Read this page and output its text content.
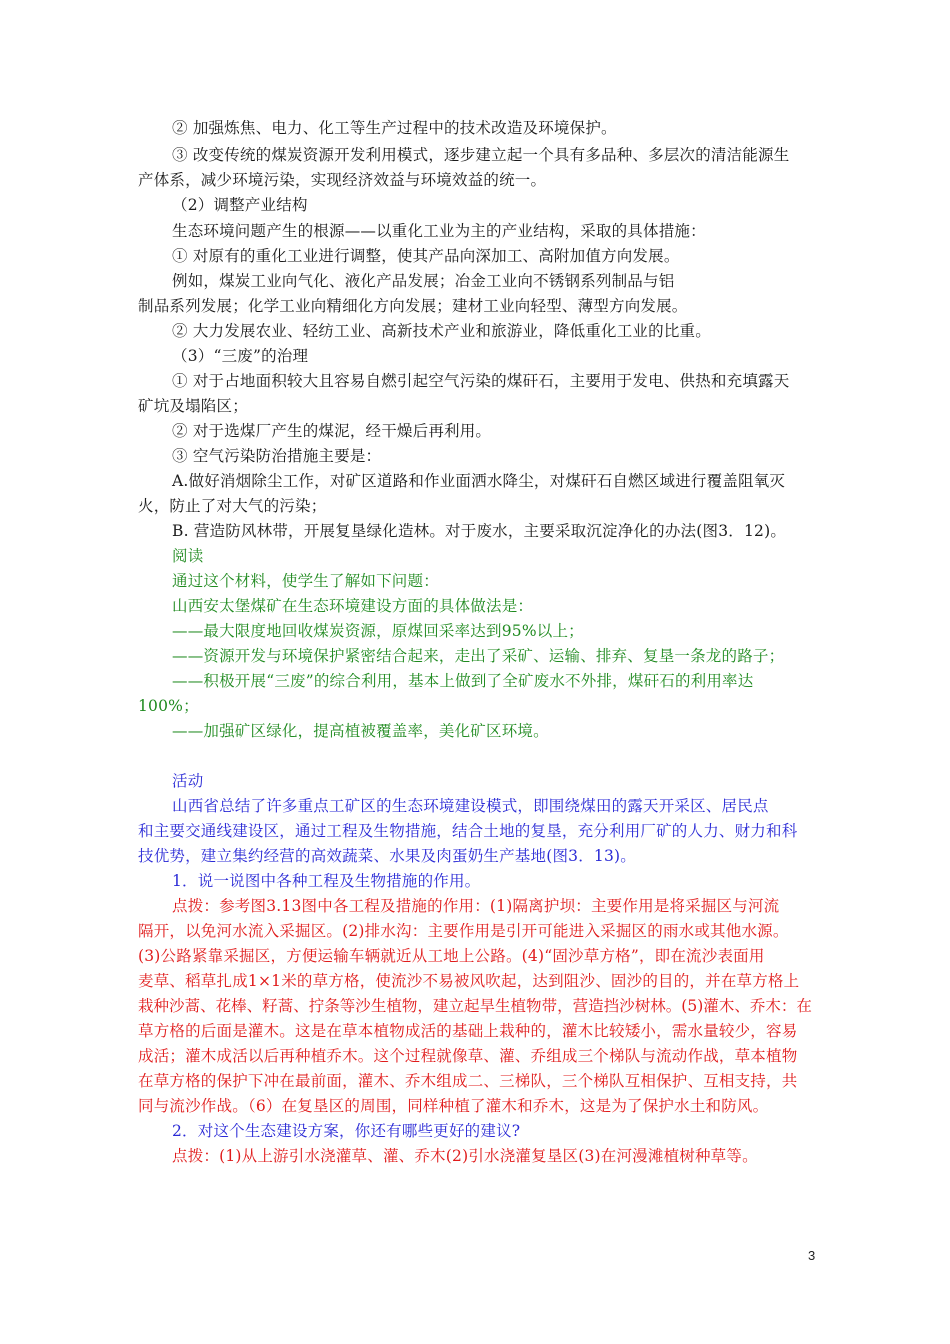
② 加强炼焦、电力、化工等生产过程中的技术改造及环境保护。
③ 改变传统的煤炭资源开发利用模式，逐步建立起一个具有多品种、多层次的清洁能源生
产体系，减少环境污染，实现经济效益与环境效益的统一。
（2）调整产业结构
生态环境问题产生的根源——以重化工业为主的产业结构，采取的具体措施：
① 对原有的重化工业进行调整，使其产品向深加工、高附加值方向发展。
例如，煤炭工业向气化、液化产品发展；冶金工业向不锈钢系列制品与铝
制品系列发展；化学工业向精细化方向发展；建材工业向轻型、薄型方向发展。
② 大力发展农业、轻纺工业、高新技术产业和旅游业，降低重化工业的比重。
（3）“三废”的治理
① 对于占地面积较大且容易自燃引起空气污染的煤矸石，主要用于发电、供热和充填露天
矿坑及塌陷区；
② 对于选煤厂产生的煤泥，经干燥后再利用。
③ 空气污染防治措施主要是：
A.做好消烟除尘工作，对矿区道路和作业面洒水降尘，对煤矸石自燃区域进行覆盖阻氧灭
火，防止了对大气的污染；
B. 营造防风林带，开展复垦绿化造林。对于废水，主要采取沉淀净化的办法(图3．12)。
阅读
通过这个材料，使学生了解如下问题：
山西安太堡煤矿在生态环境建设方面的具体做法是：
——最大限度地回收煤炭资源，原煤回采率达到95%以上；
——资源开发与环境保护紧密结合起来，走出了采矿、运输、排弃、复垦一条龙的路子；
——积极开展“三废”的综合利用，基本上做到了全矿废水不外排，煤矸石的利用率达
100%；
——加强矿区绿化，提高植被覆盖率，美化矿区环境。
活动
山西省总结了许多重点工矿区的生态环境建设模式，即围绕煤田的露天开采区、居民点
和主要交通线建设区，通过工程及生物措施，结合土地的复垦，充分利用厂矿的人力、财力和科
技优势，建立集约经营的高效蔬菜、水果及肉蛋奶生产基地(图3．13)。
1．说一说图中各种工程及生物措施的作用。
点拨：参考图3.13图中各工程及措施的作用：(1)隔离护坝：主要作用是将采掘区与河流
隔开，以免河水流入采掘区。(2)排水沟：主要作用是引开可能进入采掘区的雨水或其他水源。
(3)公路紧靠采掘区，方便运输车辆就近从工地上公路。(4)“固沙草方格”，即在流沙表面用
麦草、稻草扎成1×1米的草方格，使流沙不易被风吹起，达到阻沙、固沙的目的，并在草方格上
栽种沙蒿、花棒、籽蒿、拧条等沙生植物，建立起旱生植物带，营造挡沙树林。(5)灌木、乔木：在
草方格的后面是灌木。这是在草本植物成活的基础上栽种的，灌木比较矮小，需水量较少，容易
成活；灌木成活以后再种植乔木。这个过程就像草、灌、乔组成三个梯队与流动作战，草本植物
在草方格的保护下冲在最前面，灌木、乔木组成二、三梯队，三个梯队互相保护、互相支持，共
同与流沙作战。（6）在复垦区的周围，同样种植了灌木和乔木，这是为了保护水土和防风。
2．对这个生态建设方案，你还有哪些更好的建议?
点拨：(1)从上游引水浇灌草、灌、乔木(2)引水浇灌复垦区(3)在河漫滩植树种草等。
3
